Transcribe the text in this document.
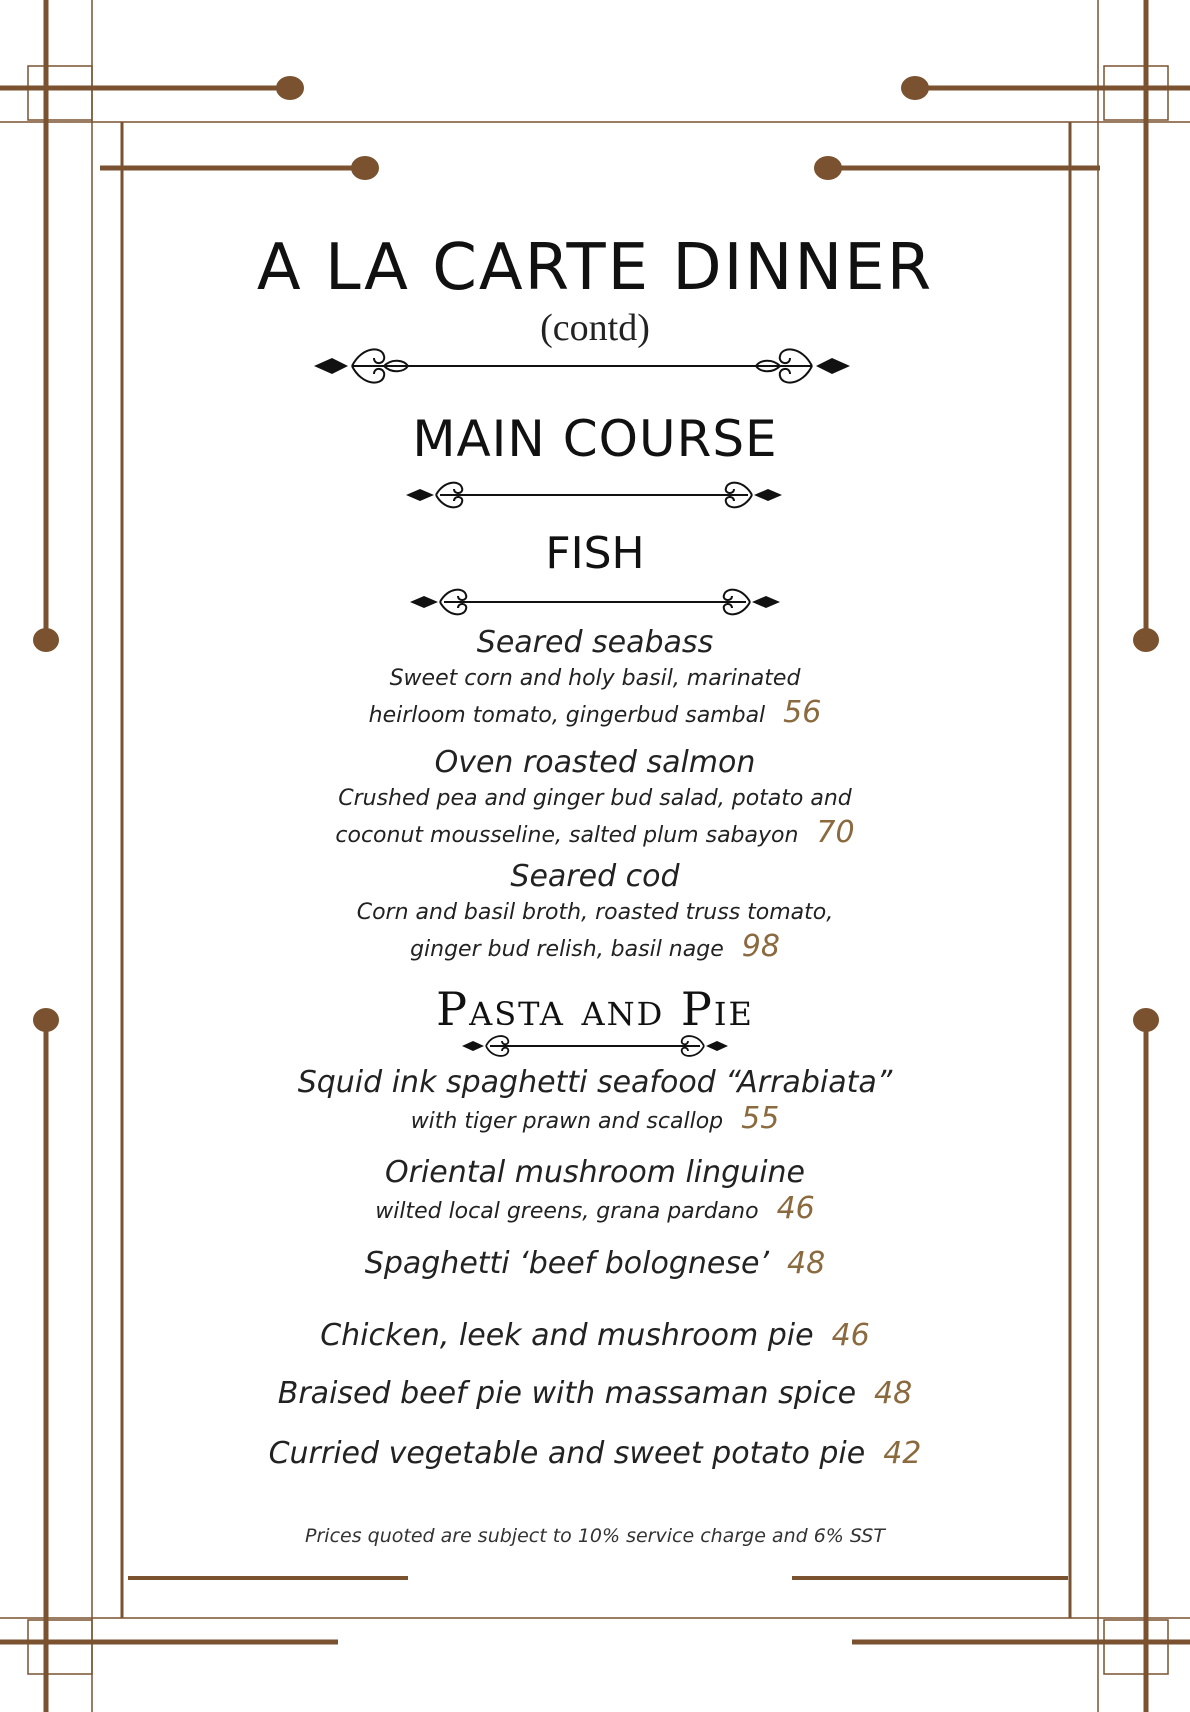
A LA CARTE DINNER
(contd)
MAIN COURSE
FISH
Seared seabass
Sweet corn and holy basil, marinated
heirloom tomato, gingerbud sambal 56
Oven roasted salmon
Crushed pea and ginger bud salad, potato and
coconut mousseline, salted plum sabayon 70
Seared cod
Corn and basil broth, roasted truss tomato,
ginger bud relish, basil nage 98
Pasta and Pie
Squid ink spaghetti seafood “Arrabiata”
with tiger prawn and scallop 55
Oriental mushroom linguine
wilted local greens, grana pardano 46
Spaghetti ‘beef bolognese’ 48
Chicken, leek and mushroom pie 46
Braised beef pie with massaman spice 48
Curried vegetable and sweet potato pie 42
Prices quoted are subject to 10% service charge and 6% SST
